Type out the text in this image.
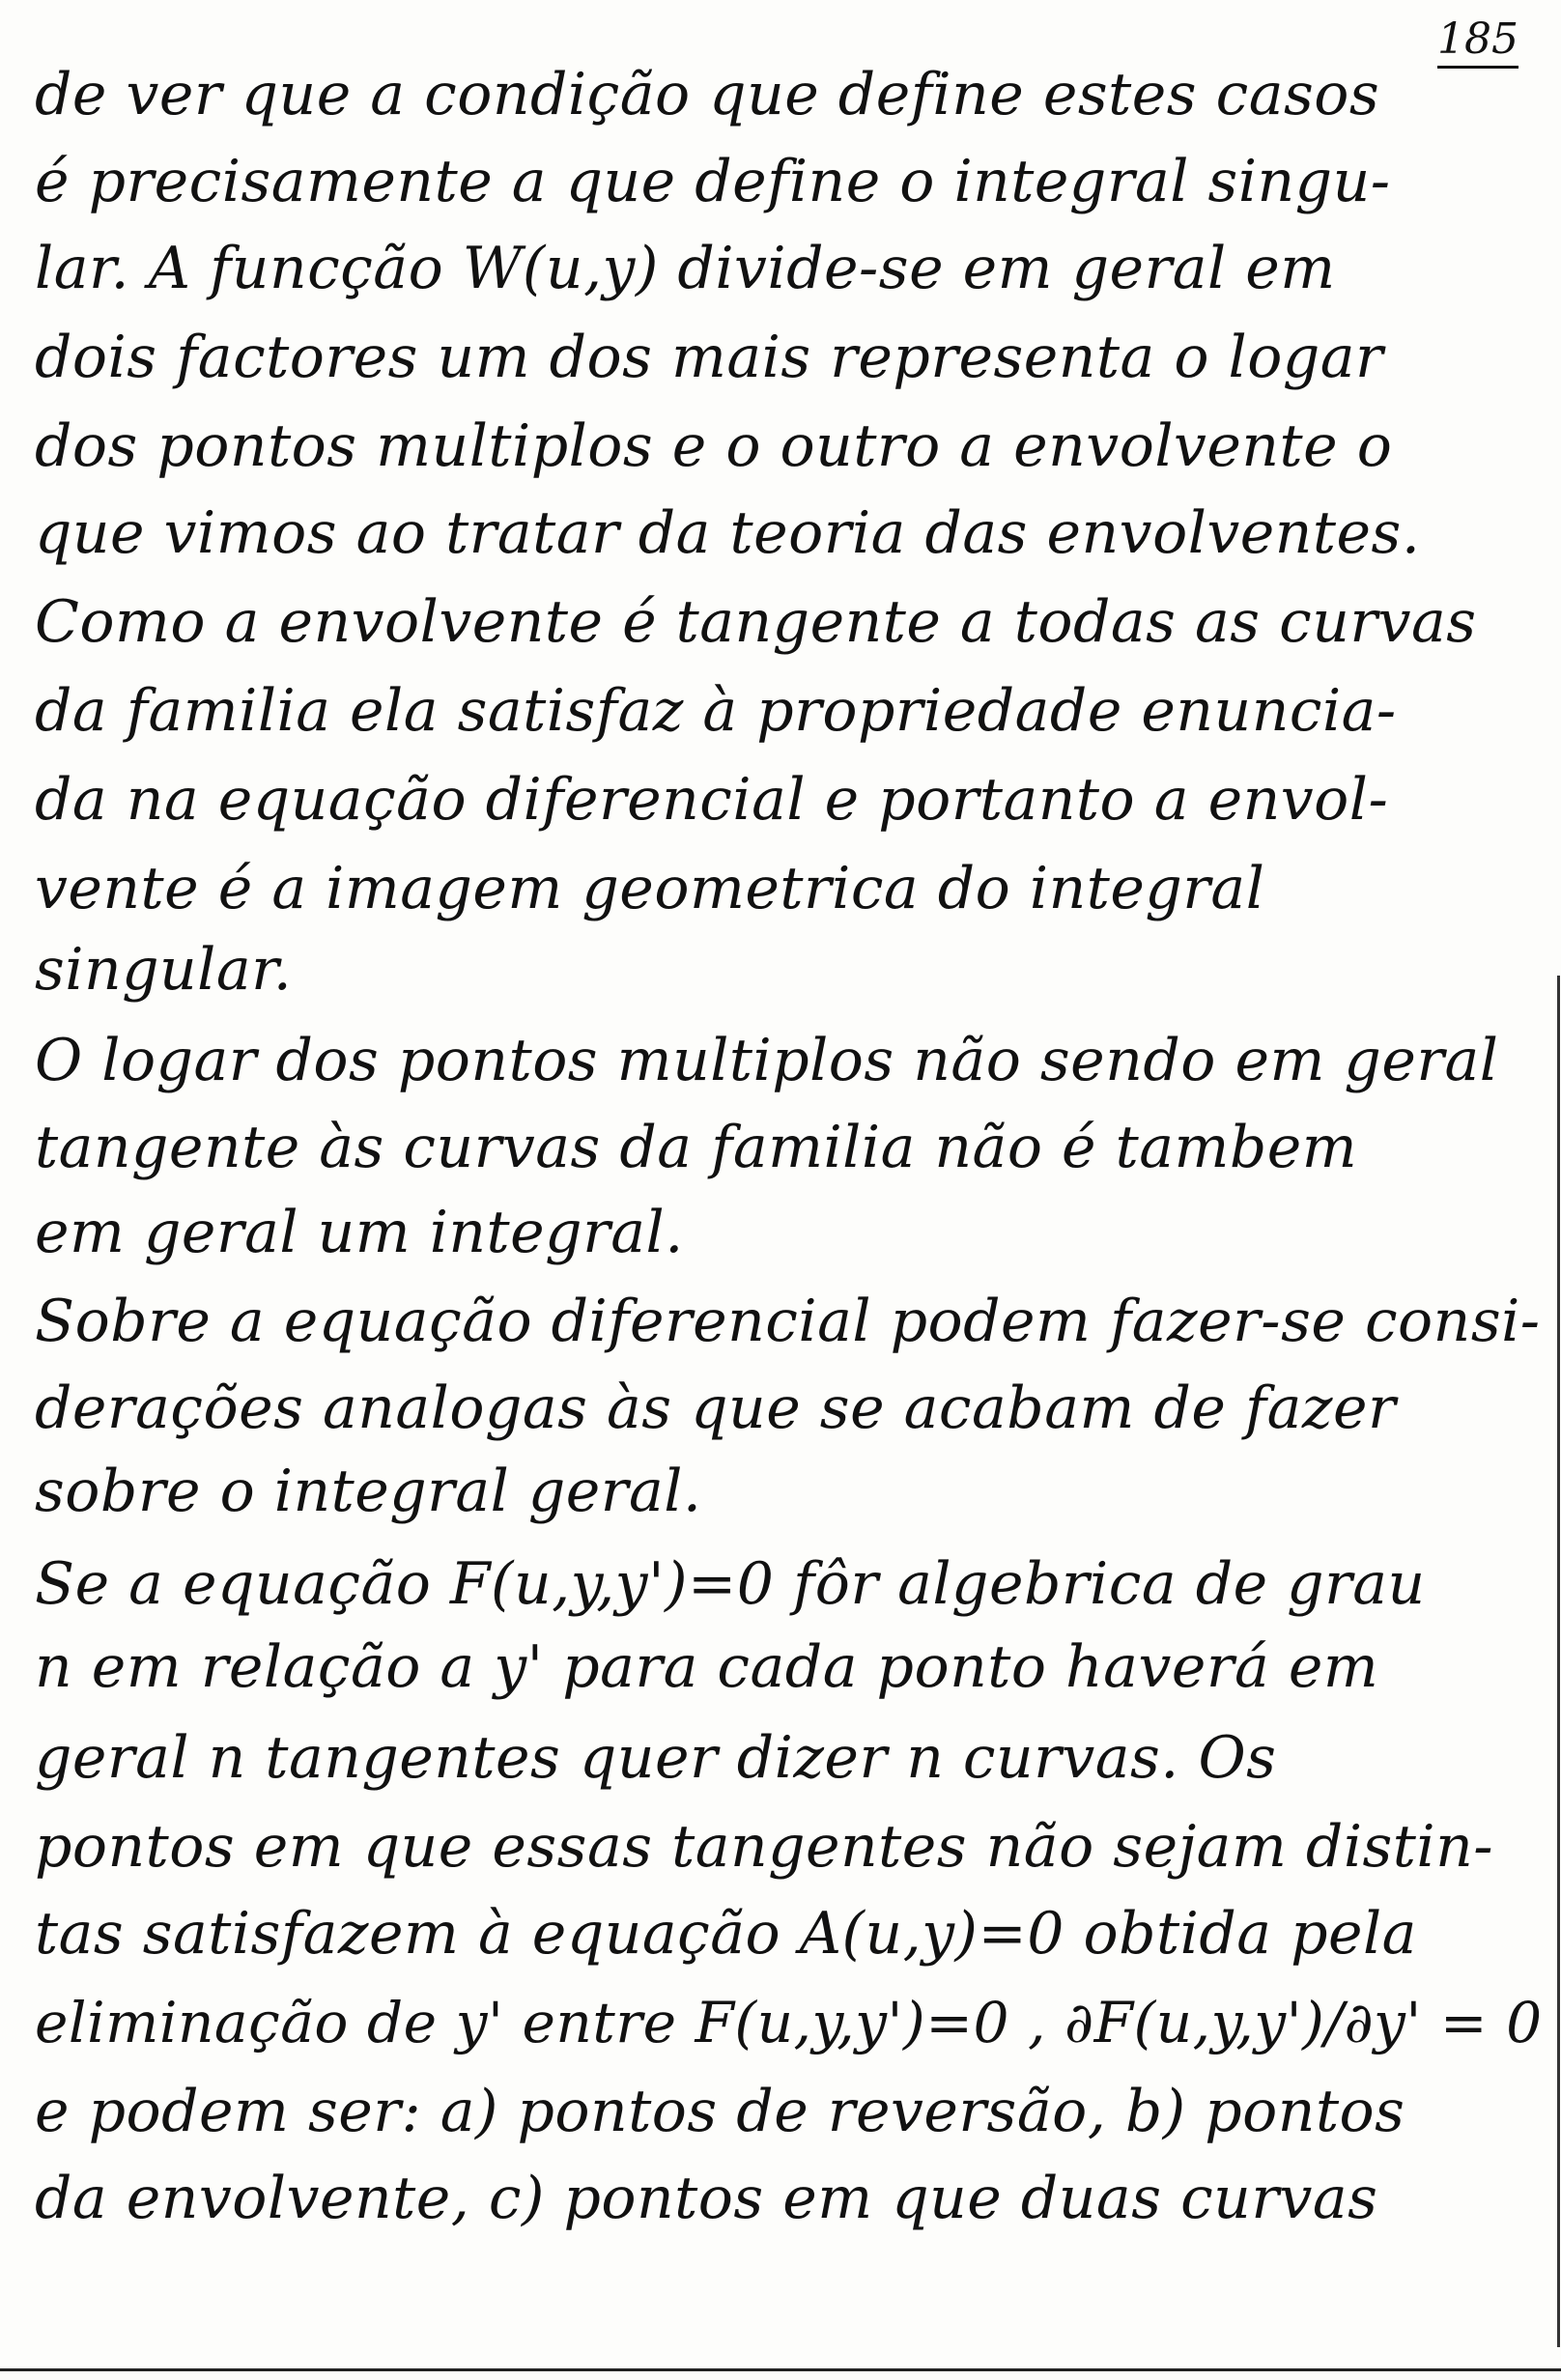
185
de ver que a condição que define estes casos
é precisamente a que define o integral singu-
lar. A funcção W(u,y) divide-se em geral em
dois factores um dos mais representa o logar
dos pontos multiplos e o outro a envolvente o
que vimos ao tratar da teoria das envolventes.
Como a envolvente é tangente a todas as curvas
da familia ela satisfaz à propriedade enuncia-
da na equação diferencial e portanto a envol-
vente é a imagem geometrica do integral
singular.
O logar dos pontos multiplos não sendo em geral
tangente às curvas da familia não é tambem
em geral um integral.
Sobre a equação diferencial podem fazer-se consi-
derações analogas às que se acabam de fazer
sobre o integral geral.
Se a equação F(u,y,y')=0 fôr algebrica de grau
n em relação a y' para cada ponto haverá em
geral n tangentes quer dizer n curvas. Os
pontos em que essas tangentes não sejam distin-
tas satisfazem à equação A(u,y)=0 obtida pela
eliminação de y' entre F(u,y,y')=0 , ∂F(u,y,y')/∂y' = 0
e podem ser: a) pontos de reversão, b) pontos
da envolvente, c) pontos em que duas curvas
